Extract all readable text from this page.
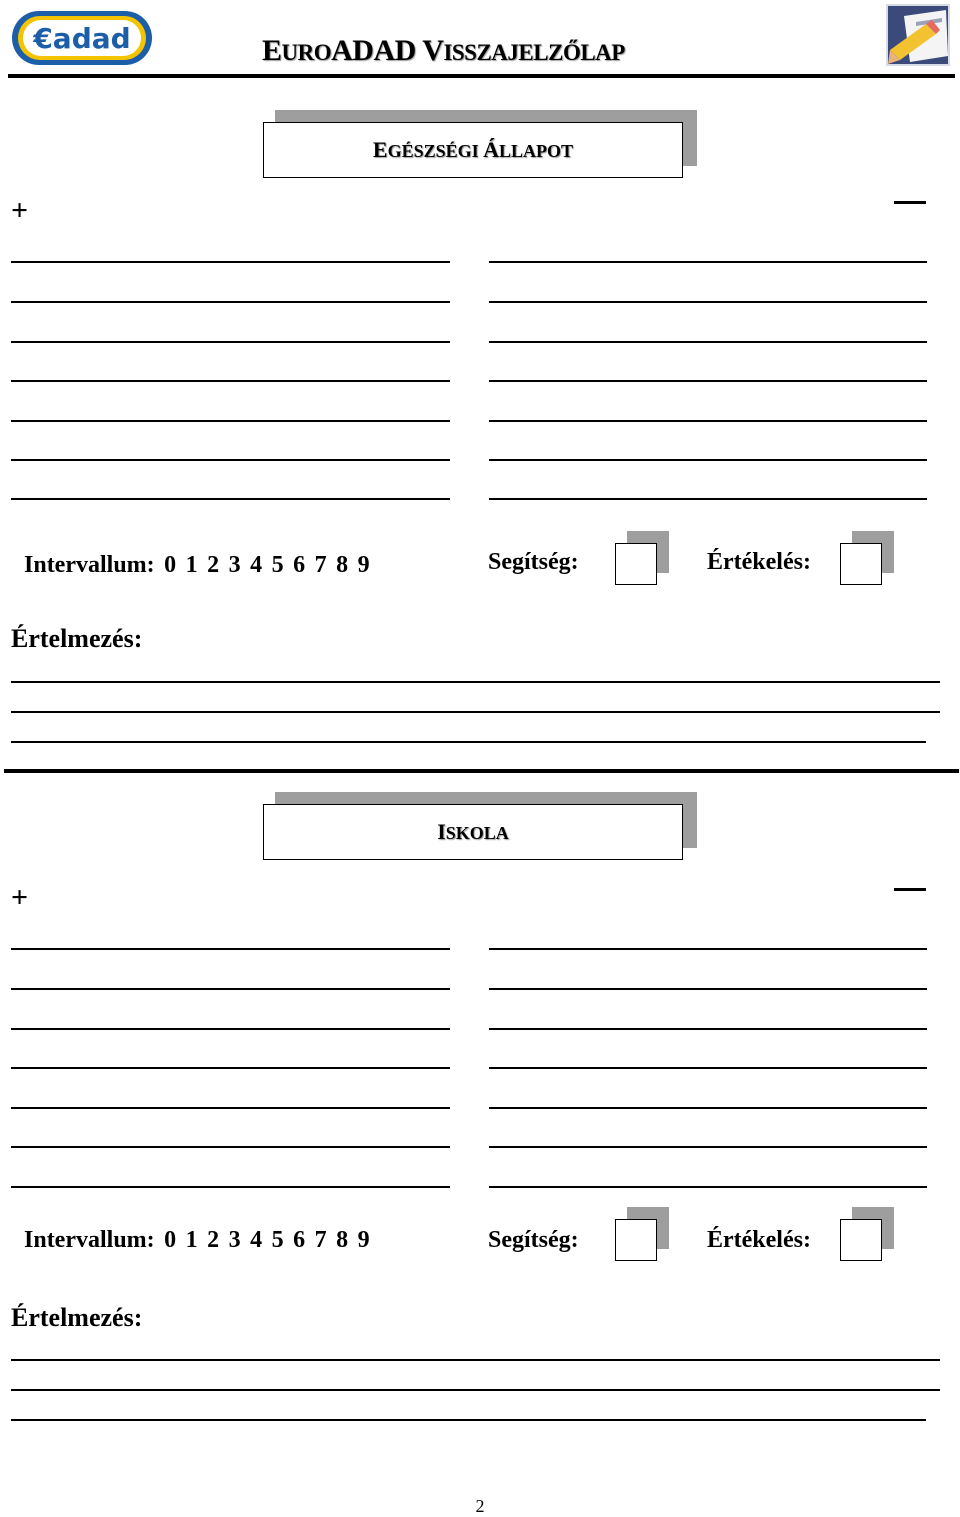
€adad	EUROADAD VISSZAJELZŐLAP
EGÉSZSÉGI ÁLLAPOT
+
Intervallum: 0 1 2 3 4 5 6 7 8 9	Segítség:	Értékelés:
Értelmezés:
ISKOLA
+
Intervallum: 0 1 2 3 4 5 6 7 8 9	Segítség:	Értékelés:
Értelmezés:
2
